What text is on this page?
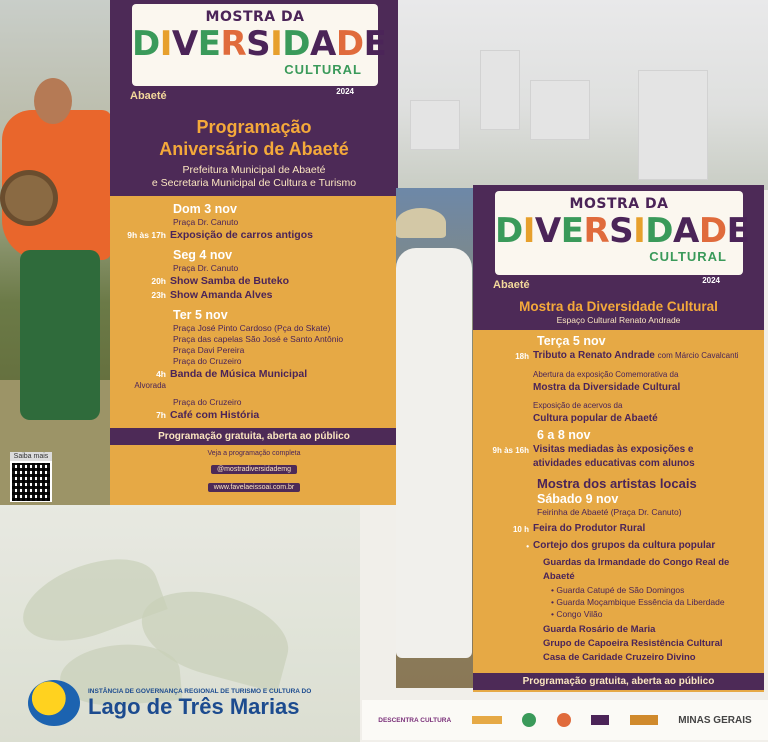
Saiba mais
MOSTRA DA
DIVERSIDADE
CULTURAL
Abaeté	2024
Programação
Aniversário de Abaeté
Prefeitura Municipal de Abaeté
e Secretaria Municipal de Cultura e Turismo
Dom 3 nov
Praça Dr. Canuto
9h às 17h Exposição de carros antigos
Seg 4 nov
Praça Dr. Canuto
20h Show Samba de Buteko
23h Show Amanda Alves
Ter 5 nov
Praça José Pinto Cardoso (Pça do Skate)
Praça das capelas São José e Santo Antônio
Praça Davi Pereira
Praça do Cruzeiro
4h Banda de Música Municipal
Alvorada
Praça do Cruzeiro
7h Café com História
Programação gratuita, aberta ao público
Veja a programação completa
@mostradiversidademg
www.favelaeissoai.com.br
MOSTRA DA
DIVERSIDADE
CULTURAL
Abaeté	2024
Mostra da Diversidade Cultural
Espaço Cultural Renato Andrade
Terça 5 nov
18h Tributo a Renato Andrade com Márcio Cavalcanti
Abertura da exposição Comemorativa da
Mostra da Diversidade Cultural
Exposição de acervos da
Cultura popular de Abaeté
6 a 8 nov
9h às 16h Visitas mediadas às exposições e
atividades educativas com alunos
Mostra dos artistas locais
Sábado 9 nov
Feirinha de Abaeté (Praça Dr. Canuto)
10 h Feira do Produtor Rural
• Cortejo dos grupos da cultura popular
Guardas da Irmandade do Congo Real de Abaeté
• Guarda Catupé de São Domingos
• Guarda Moçambique Essência da Liberdade
• Congo Vilão
Guarda Rosário de Maria
Grupo de Capoeira Resistência Cultural
Casa de Caridade Cruzeiro Divino
Programação gratuita, aberta ao público
DESCENTRA CULTURA	MINAS GERAIS
INSTÂNCIA DE GOVERNANÇA REGIONAL DE TURISMO E CULTURA DO
Lago de Três Marias
